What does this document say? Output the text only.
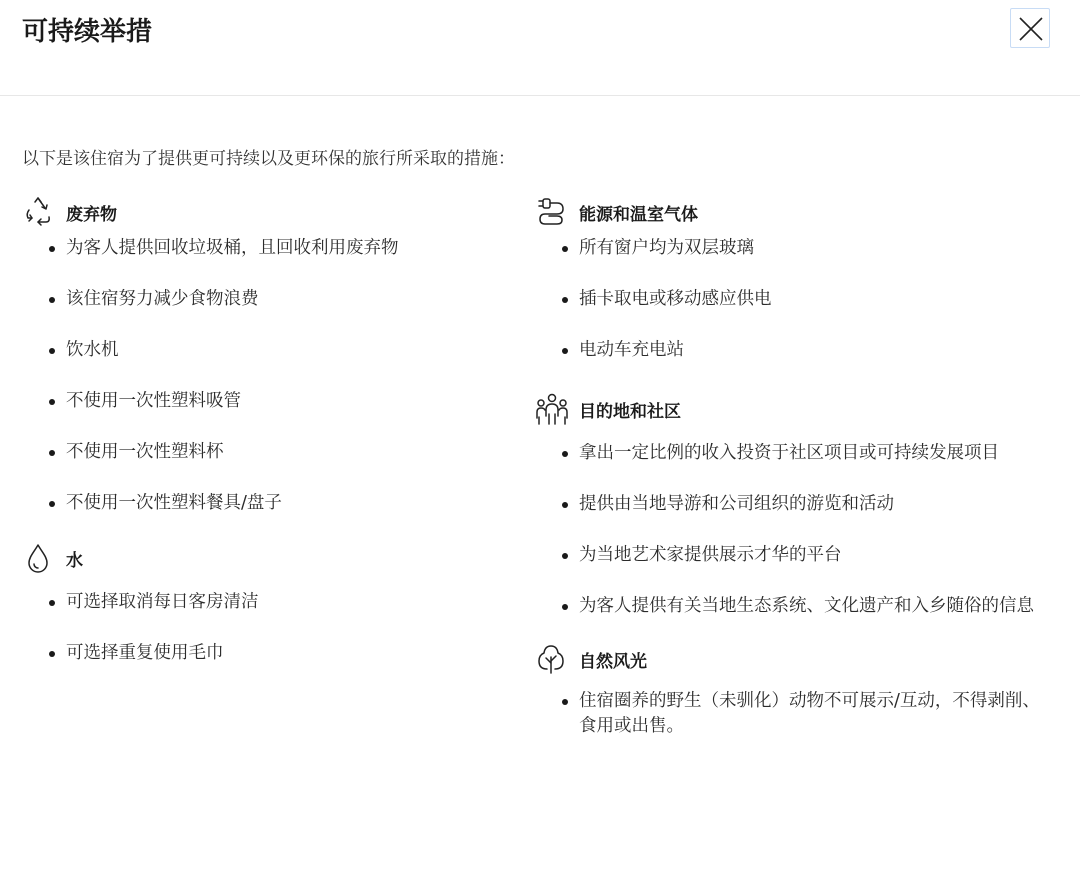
可持续举措
以下是该住宿为了提供更可持续以及更环保的旅行所采取的措施：
废弃物
为客人提供回收垃圾桶，且回收利用废弃物
该住宿努力减少食物浪费
饮水机
不使用一次性塑料吸管
不使用一次性塑料杯
不使用一次性塑料餐具/盘子
水
可选择取消每日客房清洁
可选择重复使用毛巾
能源和温室气体
所有窗户均为双层玻璃
插卡取电或移动感应供电
电动车充电站
目的地和社区
拿出一定比例的收入投资于社区项目或可持续发展项目
提供由当地导游和公司组织的游览和活动
为当地艺术家提供展示才华的平台
为客人提供有关当地生态系统、文化遗产和入乡随俗的信息
自然风光
住宿圈养的野生（未驯化）动物不可展示/互动，不得剥削、食用或出售。
